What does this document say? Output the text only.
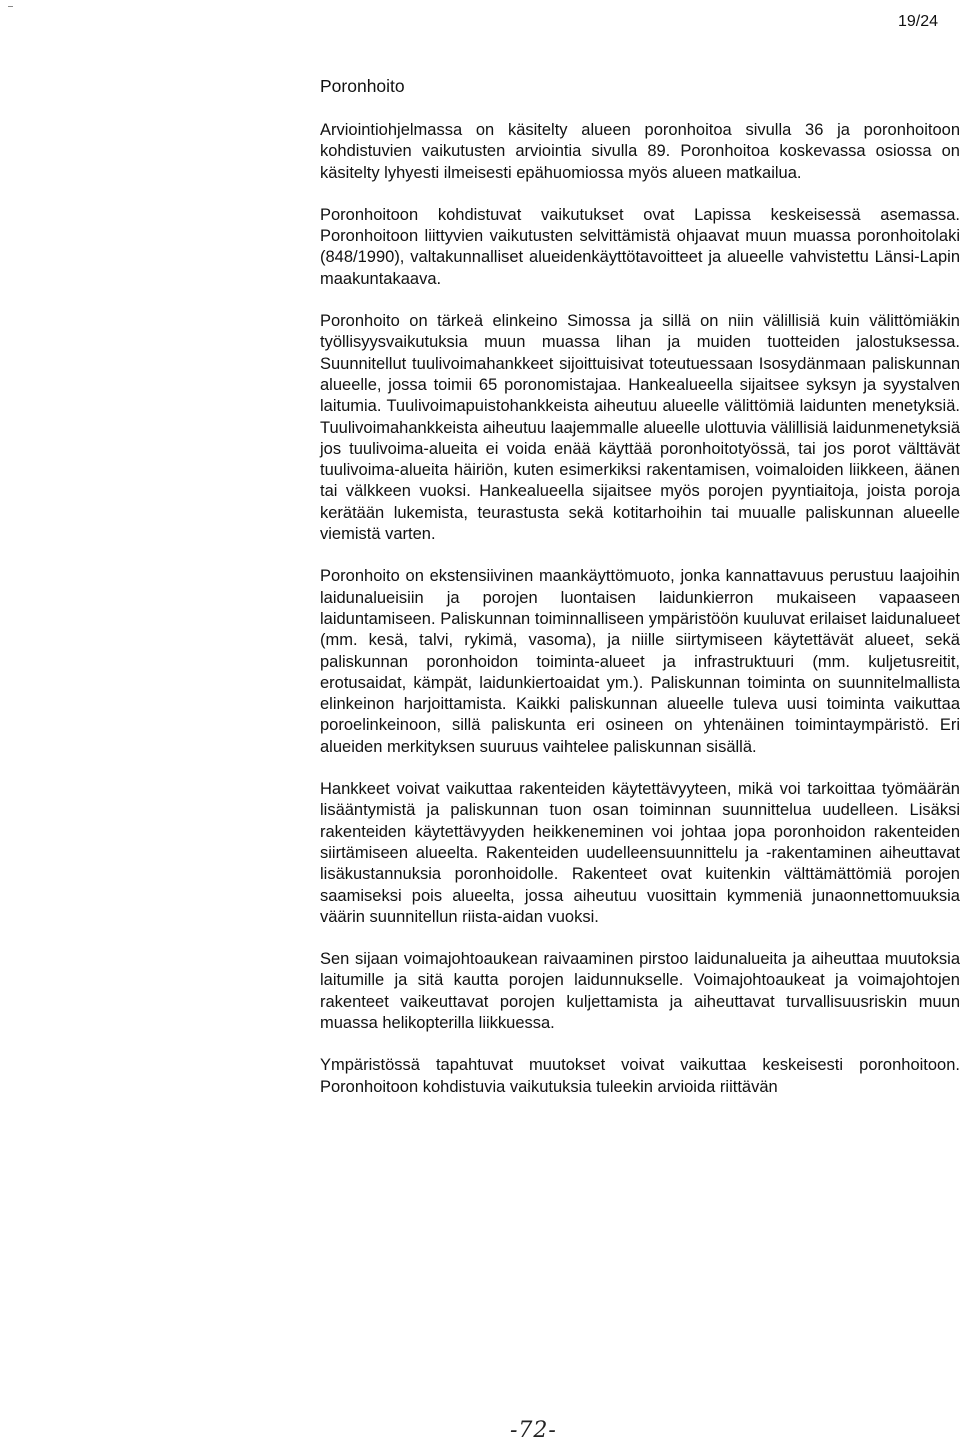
19/24
Poronhoito

Arviointiohjelmassa on käsitelty alueen poronhoitoa sivulla 36 ja poronhoitoon kohdistuvien vaikutusten arviointia sivulla 89. Poronhoitoa koskevassa osiossa on käsitelty lyhyesti ilmeisesti epähuomiossa myös alueen matkailua.

Poronhoitoon kohdistuvat vaikutukset ovat Lapissa keskeisessä asemassa. Poronhoitoon liittyvien vaikutusten selvittämistä ohjaavat muun muassa poronhoitolaki (848/1990), valtakunnalliset alueidenkäyttötavoitteet ja alueelle vahvistettu Länsi-Lapin maakuntakaava.

Poronhoito on tärkeä elinkeino Simossa ja sillä on niin välillisiä kuin välittömiäkin työllisyysvaikutuksia muun muassa lihan ja muiden tuotteiden jalostuksessa. Suunnitellut tuulivoimahankkeet sijoittuisivat toteutuessaan Isosydänmaan paliskunnan alueelle, jossa toimii 65 poronomistajaa. Hankealueella sijaitsee syksyn ja syystalven laitumia. Tuulivoimapuistohankkeista aiheutuu alueelle välittömiä laidunten menetyksiä. Tuulivoimahankkeista aiheutuu laajemmalle alueelle ulottuvia välillisiä laidunmenetyksiä jos tuulivoima-alueita ei voida enää käyttää poronhoitotyössä, tai jos porot välttävät tuulivoima-alueita häiriön, kuten esimerkiksi rakentamisen, voimaloiden liikkeen, äänen tai välkkeen vuoksi. Hankealueella sijaitsee myös porojen pyyntiaitoja, joista poroja kerätään lukemista, teurastusta sekä kotitarhoihin tai muualle paliskunnan alueelle viemistä varten.

Poronhoito on ekstensiivinen maankäyttömuoto, jonka kannattavuus perustuu laajoihin laidunalueisiin ja porojen luontaisen laidunkierron mukaiseen vapaaseen laiduntamiseen. Paliskunnan toiminnalliseen ympäristöön kuuluvat erilaiset laidunalueet (mm. kesä, talvi, rykimä, vasoma), ja niille siirtymiseen käytettävät alueet, sekä paliskunnan poronhoidon toiminta-alueet ja infrastruktuuri (mm. kuljetusreitit, erotusaidat, kämpät, laidunkiertoaidat ym.). Paliskunnan toiminta on suunnitelmallista elinkeinon harjoittamista. Kaikki paliskunnan alueelle tuleva uusi toiminta vaikuttaa poroelinkeinoon, sillä paliskunta eri osineen on yhtenäinen toimintaympäristö. Eri alueiden merkityksen suuruus vaihtelee paliskunnan sisällä.

Hankkeet voivat vaikuttaa rakenteiden käytettävyyteen, mikä voi tarkoittaa työmäärän lisääntymistä ja paliskunnan tuon osan toiminnan suunnittelua uudelleen. Lisäksi rakenteiden käytettävyyden heikkeneminen voi johtaa jopa poronhoidon rakenteiden siirtämiseen alueelta. Rakenteiden uudelleensuunnittelu ja -rakentaminen aiheuttavat lisäkustannuksia poronhoidolle. Rakenteet ovat kuitenkin välttämättömiä porojen saamiseksi pois alueelta, jossa aiheutuu vuosittain kymmeniä junaonnettomuuksia väärin suunnitellun riista-aidan vuoksi.

Sen sijaan voimajohtoaukean raivaaminen pirstoo laidunalueita ja aiheuttaa muutoksia laitumille ja sitä kautta porojen laidunnukselle. Voimajohtoaukeat ja voimajohtojen rakenteet vaikeuttavat porojen kuljettamista ja aiheuttavat turvallisuusriskin muun muassa helikopterilla liikkuessa.

Ympäristössä tapahtuvat muutokset voivat vaikuttaa keskeisesti poronhoitoon. Poronhoitoon kohdistuvia vaikutuksia tuleekin arvioida riittävän

-72-
